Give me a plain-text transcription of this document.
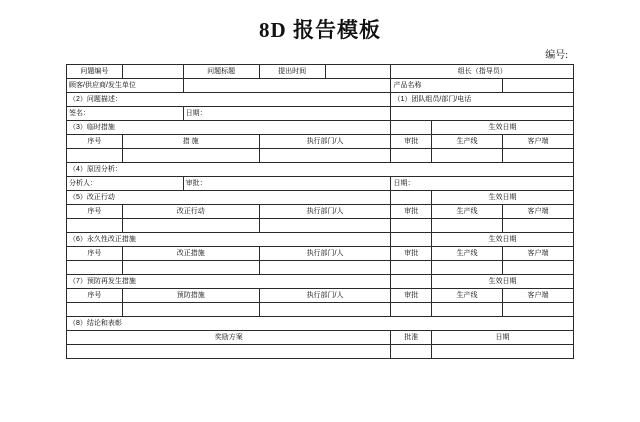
8D 报告模板
编号:
问题编号		问题标题	提出时间		组长（指导员）		
顾客/供应商/发生单位					产品名称		
（2）问题描述：					（1）团队组员/部门/电话		
签名：		日期：					
（3）临时措施						生效日期	
序号	措 施		执行部门/人		审批	生产线	客户端

（4）原因分析：							
分析人：		审批：			日期：		
（5）改正行动						生效日期	
序号	改正行动		执行部门/人		审批	生产线	客户端

（6）永久性改正措施						生效日期	
序号	改正措施		执行部门/人		审批	生产线	客户端

（7）预防再发生措施						生效日期	
序号	预防措施		执行部门/人		审批	生产线	客户端

（8）结论和表彰							
奖励方案					批准	日期	
